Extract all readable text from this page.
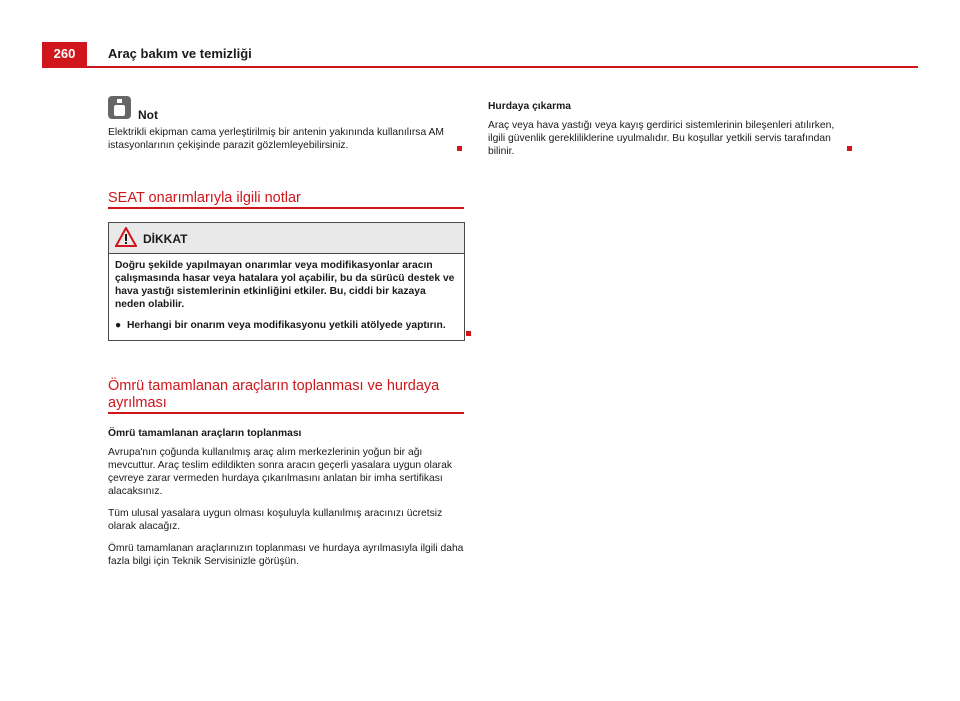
260	Araç bakım ve temizliği
Not

Elektrikli ekipman cama yerleştirilmiş bir antenin yakınında kullanılırsa AM istasyonlarının çekişinde parazit gözlemleyebilirsiniz.

SEAT onarımlarıyla ilgili notlar
DİKKAT

Doğru şekilde yapılmayan onarımlar veya modifikasyonlar aracın çalışmasında hasar veya hatalara yol açabilir, bu da sürücü destek ve hava yastığı sistemlerinin etkinliğini etkiler. Bu, ciddi bir kazaya neden olabilir.

●  Herhangi bir onarım veya modifikasyonu yetkili atölyede yaptırın.

Ömrü tamamlanan araçların toplanması ve hurdaya ayrılması

Ömrü tamamlanan araçların toplanması

Avrupa'nın çoğunda kullanılmış araç alım merkezlerinin yoğun bir ağı mevcuttur. Araç teslim edildikten sonra aracın geçerli yasalara uygun olarak çevreye zarar vermeden hurdaya çıkarılmasını anlatan bir imha sertifikası alacaksınız.

Tüm ulusal yasalara uygun olması koşuluyla kullanılmış aracınızı ücretsiz olarak alacağız.

Ömrü tamamlanan araçlarınızın toplanması ve hurdaya ayrılmasıyla ilgili daha fazla bilgi için Teknik Servisinizle görüşün.

Hurdaya çıkarma

Araç veya hava yastığı veya kayış gerdirici sistemlerinin bileşenleri atılırken, ilgili güvenlik gerekliliklerine uyulmalıdır. Bu koşullar yetkili servis tarafından bilinir.
